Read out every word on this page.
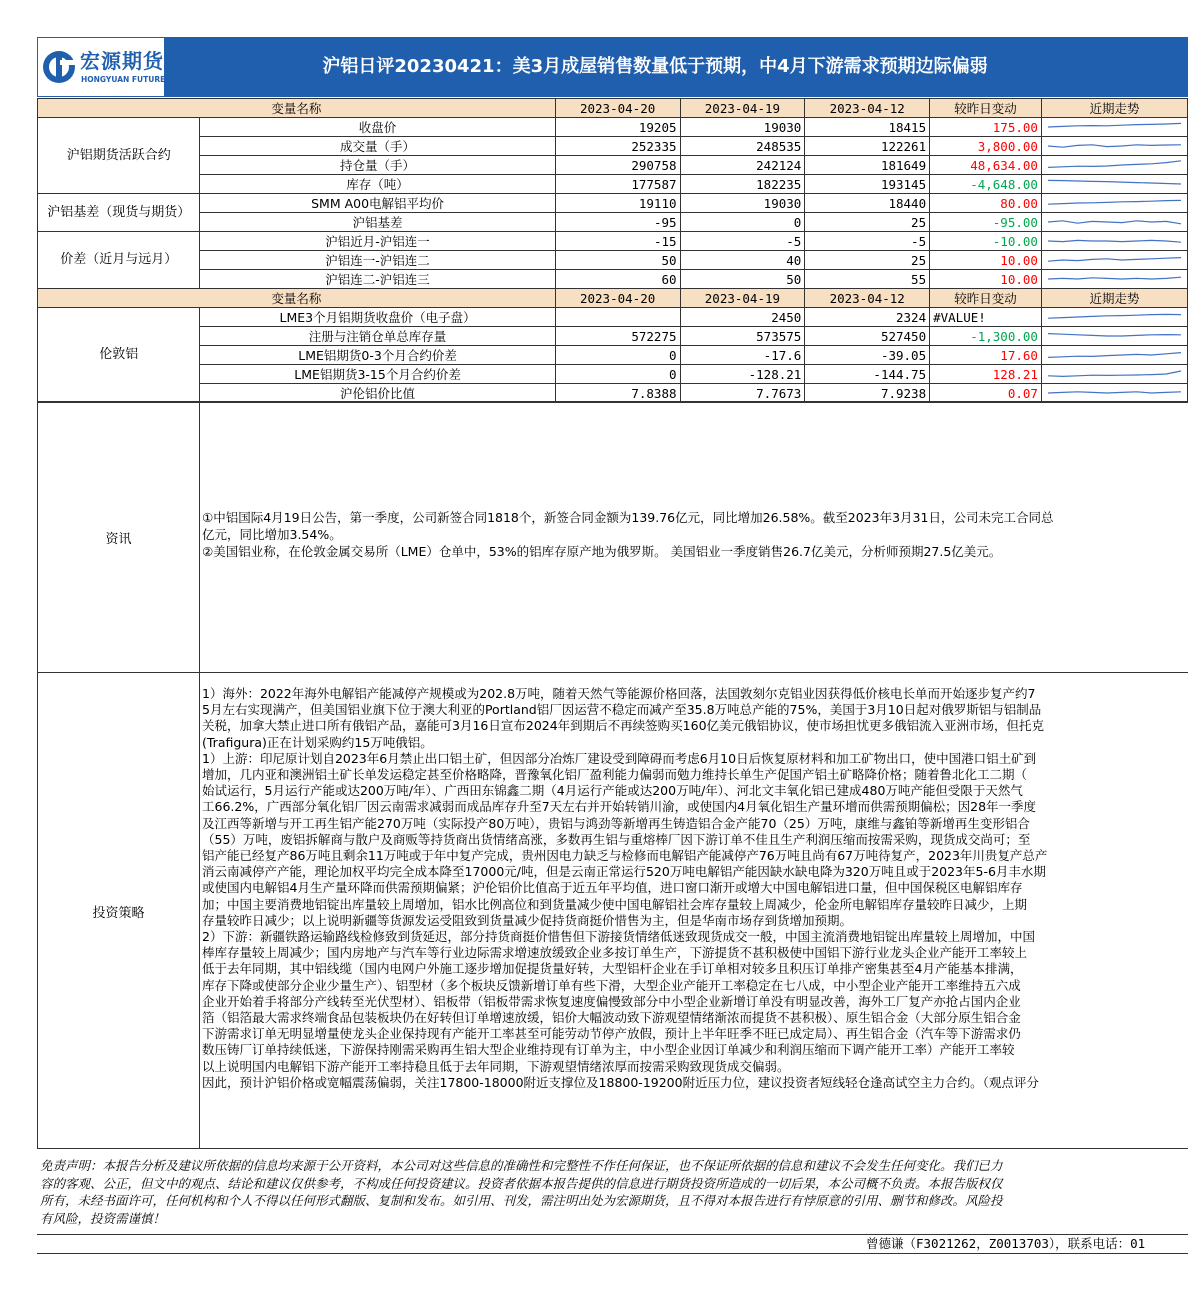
宏源期货
HONGYUAN FUTURES
沪铝日评20230421：美3月成屋销售数量低于预期，中4月下游需求预期边际偏弱
变量名称		2023-04-20	2023-04-19	2023-04-12	较昨日变动	近期走势
沪铝期货活跃合约	收盘价	19205	19030	18415	175.00	

	成交量（手）	252335	248535	122261	3,800.00	

	持仓量（手）	290758	242124	181649	48,634.00	

	库存（吨）	177587	182235	193145	-4,648.00	

沪铝基差（现货与期货）	SMM A00电解铝平均价	19110	19030	18440	80.00	

	沪铝基差	-95	0	25	-95.00	

价差（近月与远月）	沪铝近月-沪铝连一	-15	-5	-5	-10.00	

	沪铝连一-沪铝连二	50	40	25	10.00	

	沪铝连二-沪铝连三	60	50	55	10.00	

变量名称		2023-04-20	2023-04-19	2023-04-12	较昨日变动	近期走势
伦敦铝	LME3个月铝期货收盘价（电子盘）		2450	2324	#VALUE!	

	注册与注销仓单总库存量	572275	573575	527450	-1,300.00	

	LME铝期货0-3个月合约价差	0	-17.6	-39.05	17.60	

	LME铝期货3-15个月合约价差	0	-128.21	-144.75	128.21	

	沪伦铝价比值	7.8388	7.7673	7.9238	0.07	
资讯
①中铝国际4月19日公告，第一季度，公司新签合同1818个，新签合同金额为139.76亿元，同比增加26.58%。截至2023年3月31日，公司未完工合同总
亿元，同比增加3.54%。
②美国铝业称，在伦敦金属交易所（LME）仓单中，53%的铝库存原产地为俄罗斯。 美国铝业一季度销售26.7亿美元，分析师预期27.5亿美元。
投资策略
1）海外：2022年海外电解铝产能减停产规模或为202.8万吨，随着天然气等能源价格回落，法国敦刻尔克铝业因获得低价核电长单而开始逐步复产约7
5月左右实现满产，但美国铝业旗下位于澳大利亚的Portland铝厂因运营不稳定而减产至35.8万吨总产能的75%，美国于3月10日起对俄罗斯铝与铝制品
关税，加拿大禁止进口所有俄铝产品，嘉能可3月16日宣布2024年到期后不再续签购买160亿美元俄铝协议，使市场担忧更多俄铝流入亚洲市场，但托克
(Trafigura)正在计划采购约15万吨俄铝。
1）上游：印尼原计划自2023年6月禁止出口铝土矿，但因部分冶炼厂建设受到障碍而考虑6月10日后恢复原材料和加工矿物出口，使中国港口铝土矿到
增加，几内亚和澳洲铝土矿长单发运稳定甚至价格略降，晋豫氧化铝厂盈利能力偏弱而勉力维持长单生产促国产铝土矿略降价格；随着鲁北化工二期（
始试运行，5月运行产能或达200万吨/年）、广西田东锦鑫二期（4月运行产能或达200万吨/年）、河北文丰氧化铝已建成480万吨产能但受限于天然气
工66.2%，广西部分氧化铝厂因云南需求减弱而成品库存升至7天左右并开始转销川渝，或使国内4月氧化铝生产量环增而供需预期偏松；因28年一季度
及江西等新增与开工再生铝产能270万吨（实际投产80万吨），贵铝与鸿劲等新增再生铸造铝合金产能70（25）万吨，康维与鑫铂等新增再生变形铝合
（55）万吨，废铝拆解商与散户及商贩等持货商出货情绪高涨，多数再生铝与重熔棒厂因下游订单不佳且生产利润压缩而按需采购，现货成交尚可；至
铝产能已经复产86万吨且剩余11万吨或于年中复产完成，贵州因电力缺乏与检修而电解铝产能减停产76万吨且尚有67万吨待复产，2023年川贵复产总产
消云南减停产产能，理论加权平均完全成本降至17000元/吨，但是云南正常运行520万吨电解铝产能因缺水缺电降为320万吨且或于2023年5-6月丰水期
或使国内电解铝4月生产量环降而供需预期偏紧；沪伦铝价比值高于近五年平均值，进口窗口渐开或增大中国电解铝进口量，但中国保税区电解铝库存
加；中国主要消费地铝锭出库量较上周增加，铝水比例高位和到货量减少使中国电解铝社会库存量较上周减少，伦金所电解铝库存量较昨日减少，上期
存量较昨日减少；以上说明新疆等货源发运受阻致到货量减少促持货商挺价惜售为主，但是华南市场存到货增加预期。
2）下游：新疆铁路运输路线检修致到货延迟，部分持货商挺价惜售但下游接货情绪低迷致现货成交一般，中国主流消费地铝锭出库量较上周增加，中国
棒库存量较上周减少；国内房地产与汽车等行业边际需求增速放缓致企业多按订单生产，下游提货不甚积极使中国铝下游行业龙头企业产能开工率较上
低于去年同期，其中铝线缆（国内电网户外施工逐步增加促提货量好转，大型铝杆企业在手订单相对较多且积压订单排产密集甚至4月产能基本排满，
库存下降或使部分企业少量生产）、铝型材（多个板块反馈新增订单有些下滑，大型企业产能开工率稳定在七八成，中小型企业产能开工率维持五六成
企业开始着手将部分产线转至光伏型材）、铝板带（铝板带需求恢复速度偏慢致部分中小型企业新增订单没有明显改善，海外工厂复产亦抢占国内企业
箔（铝箔最大需求终端食品包装板块仍在好转但订单增速放缓，铝价大幅波动致下游观望情绪渐浓而提货不甚积极）、原生铝合金（大部分原生铝合金
下游需求订单无明显增量使龙头企业保持现有产能开工率甚至可能劳动节停产放假，预计上半年旺季不旺已成定局）、再生铝合金（汽车等下游需求仍
数压铸厂订单持续低迷，下游保持刚需采购再生铝大型企业维持现有订单为主，中小型企业因订单减少和利润压缩而下调产能开工率）产能开工率较
以上说明国内电解铝下游产能开工率持稳且低于去年同期，下游观望情绪浓厚而按需采购致现货成交偏弱。
因此，预计沪铝价格或宽幅震荡偏弱，关注17800-18000附近支撑位及18800-19200附近压力位，建议投资者短线轻仓逢高试空主力合约。（观点评分
免责声明：本报告分析及建议所依据的信息均来源于公开资料，本公司对这些信息的准确性和完整性不作任何保证，也不保证所依据的信息和建议不会发生任何变化。我们已力
容的客观、公正，但文中的观点、结论和建议仅供参考，不构成任何投资建议。投资者依据本报告提供的信息进行期货投资所造成的一切后果，本公司概不负责。本报告版权仅
所有，未经书面许可，任何机构和个人不得以任何形式翻版、复制和发布。如引用、刊发，需注明出处为宏源期货，且不得对本报告进行有悖原意的引用、删节和修改。风险投
有风险，投资需谨慎！
曾德谦（F3021262，Z0013703），联系电话：01
